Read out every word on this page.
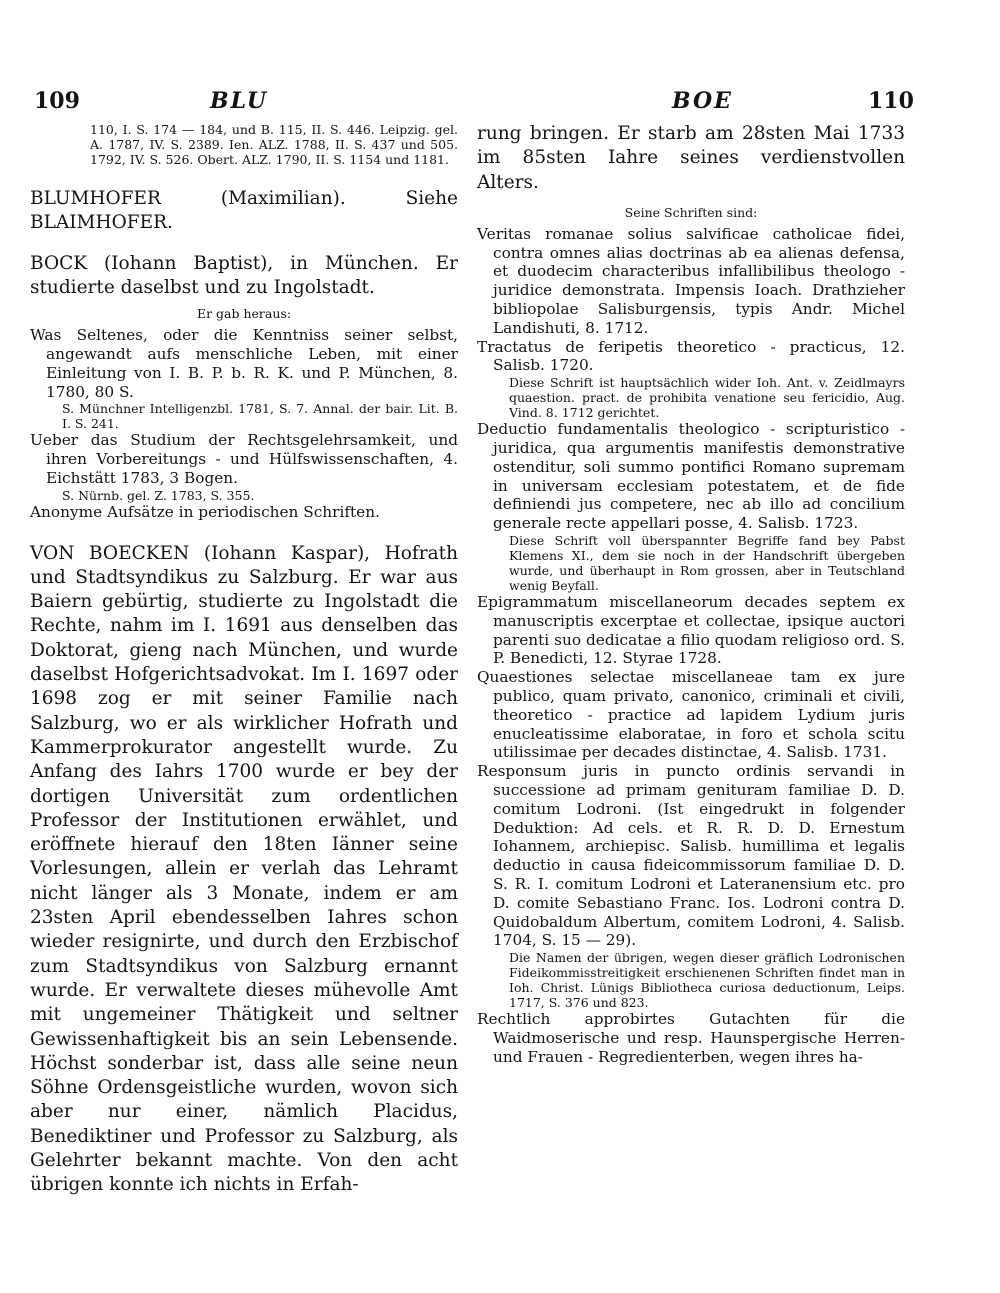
109	BLU	BOE	110

110, I. S. 174 — 184, und B. 115, II. S. 446. Leipzig. gel. A. 1787, IV. S. 2389. Ien. ALZ. 1788, II. S. 437 und 505. 1792, IV. S. 526. Obert. ALZ. 1790, II. S. 1154 und 1181.

BLUMHOFER (Maximilian). Siehe BLAIMHOFER.

BOCK (Iohann Baptist), in München. Er studierte daselbst und zu Ingolstadt.

Er gab heraus:

Was Seltenes, oder die Kenntniss seiner selbst, angewandt aufs menschliche Leben, mit einer Einleitung von I. B. P. b. R. K. und P. München, 8. 1780, 80 S.

S. Münchner Intelligenzbl. 1781, S. 7. Annal. der bair. Lit. B. I. S. 241.

Ueber das Studium der Rechtsgelehrsamkeit, und ihren Vorbereitungs - und Hülfswissenschaften, 4. Eichstätt 1783, 3 Bogen.

S. Nürnb. gel. Z. 1783, S. 355.

Anonyme Aufsätze in periodischen Schriften.

VON BOECKEN (Iohann Kaspar), Hofrath und Stadtsyndikus zu Salzburg. Er war aus Baiern gebürtig, studierte zu Ingolstadt die Rechte, nahm im I. 1691 aus denselben das Doktorat, gieng nach München, und wurde daselbst Hofgerichtsadvokat. Im I. 1697 oder 1698 zog er mit seiner Familie nach Salzburg, wo er als wirklicher Hofrath und Kammerprokurator angestellt wurde. Zu Anfang des Iahrs 1700 wurde er bey der dortigen Universität zum ordentlichen Professor der Institutionen erwählet, und eröffnete hierauf den 18ten Iänner seine Vorlesungen, allein er verlah das Lehramt nicht länger als 3 Monate, indem er am 23sten April ebendesselben Iahres schon wieder resignirte, und durch den Erzbischof zum Stadtsyndikus von Salzburg ernannt wurde. Er verwaltete dieses mühevolle Amt mit ungemeiner Thätigkeit und seltner Gewissenhaftigkeit bis an sein Lebensende. Höchst sonderbar ist, dass alle seine neun Söhne Ordensgeistliche wurden, wovon sich aber nur einer, nämlich Placidus, Benediktiner und Professor zu Salzburg, als Gelehrter bekannt machte. Von den acht übrigen konnte ich nichts in Erfah-

rung bringen. Er starb am 28sten Mai 1733 im 85sten Iahre seines verdienstvollen Alters.

Seine Schriften sind:

Veritas romanae solius salvificae catholicae fidei, contra omnes alias doctrinas ab ea alienas defensa, et duodecim characteribus infallibilibus theologo - juridice demonstrata. Impensis Ioach. Drathzieher bibliopolae Salisburgensis, typis Andr. Michel Landishuti, 8. 1712.

Tractatus de feripetis theoretico - practicus, 12. Salisb. 1720.

Diese Schrift ist hauptsächlich wider Ioh. Ant. v. Zeidlmayrs quaestion. pract. de prohibita venatione seu fericidio, Aug. Vind. 8. 1712 gerichtet.

Deductio fundamentalis theologico - scripturistico - juridica, qua argumentis manifestis demonstrative ostenditur, soli summo pontifici Romano supremam in universam ecclesiam potestatem, et de fide definiendi jus competere, nec ab illo ad concilium generale recte appellari posse, 4. Salisb. 1723.

Diese Schrift voll überspannter Begriffe fand bey Pabst Klemens XI., dem sie noch in der Handschrift übergeben wurde, und überhaupt in Rom grossen, aber in Teutschland wenig Beyfall.

Epigrammatum miscellaneorum decades septem ex manuscriptis excerptae et collectae, ipsique auctori parenti suo dedicatae a filio quodam religioso ord. S. P. Benedicti, 12. Styrae 1728.

Quaestiones selectae miscellaneae tam ex jure publico, quam privato, canonico, criminali et civili, theoretico - practice ad lapidem Lydium juris enucleatissime elaboratae, in foro et schola scitu utilissimae per decades distinctae, 4. Salisb. 1731.

Responsum juris in puncto ordinis servandi in successione ad primam genituram familiae D. D. comitum Lodroni. (Ist eingedrukt in folgender Deduktion: Ad cels. et R. R. D. D. Ernestum Iohannem, archiepisc. Salisb. humillima et legalis deductio in causa fideicommissorum familiae D. D. S. R. I. comitum Lodroni et Lateranensium etc. pro D. comite Sebastiano Franc. Ios. Lodroni contra D. Quidobaldum Albertum, comitem Lodroni, 4. Salisb. 1704, S. 15 — 29).

Die Namen der übrigen, wegen dieser gräflich Lodronischen Fideikommisstreitigkeit erschienenen Schriften findet man in Ioh. Christ. Lünigs Bibliotheca curiosa deductionum, Leips. 1717, S. 376 und 823.

Rechtlich approbirtes Gutachten für die Waidmoserische und resp. Haunspergische Herren- und Frauen - Regredienterben, wegen ihres ha-
